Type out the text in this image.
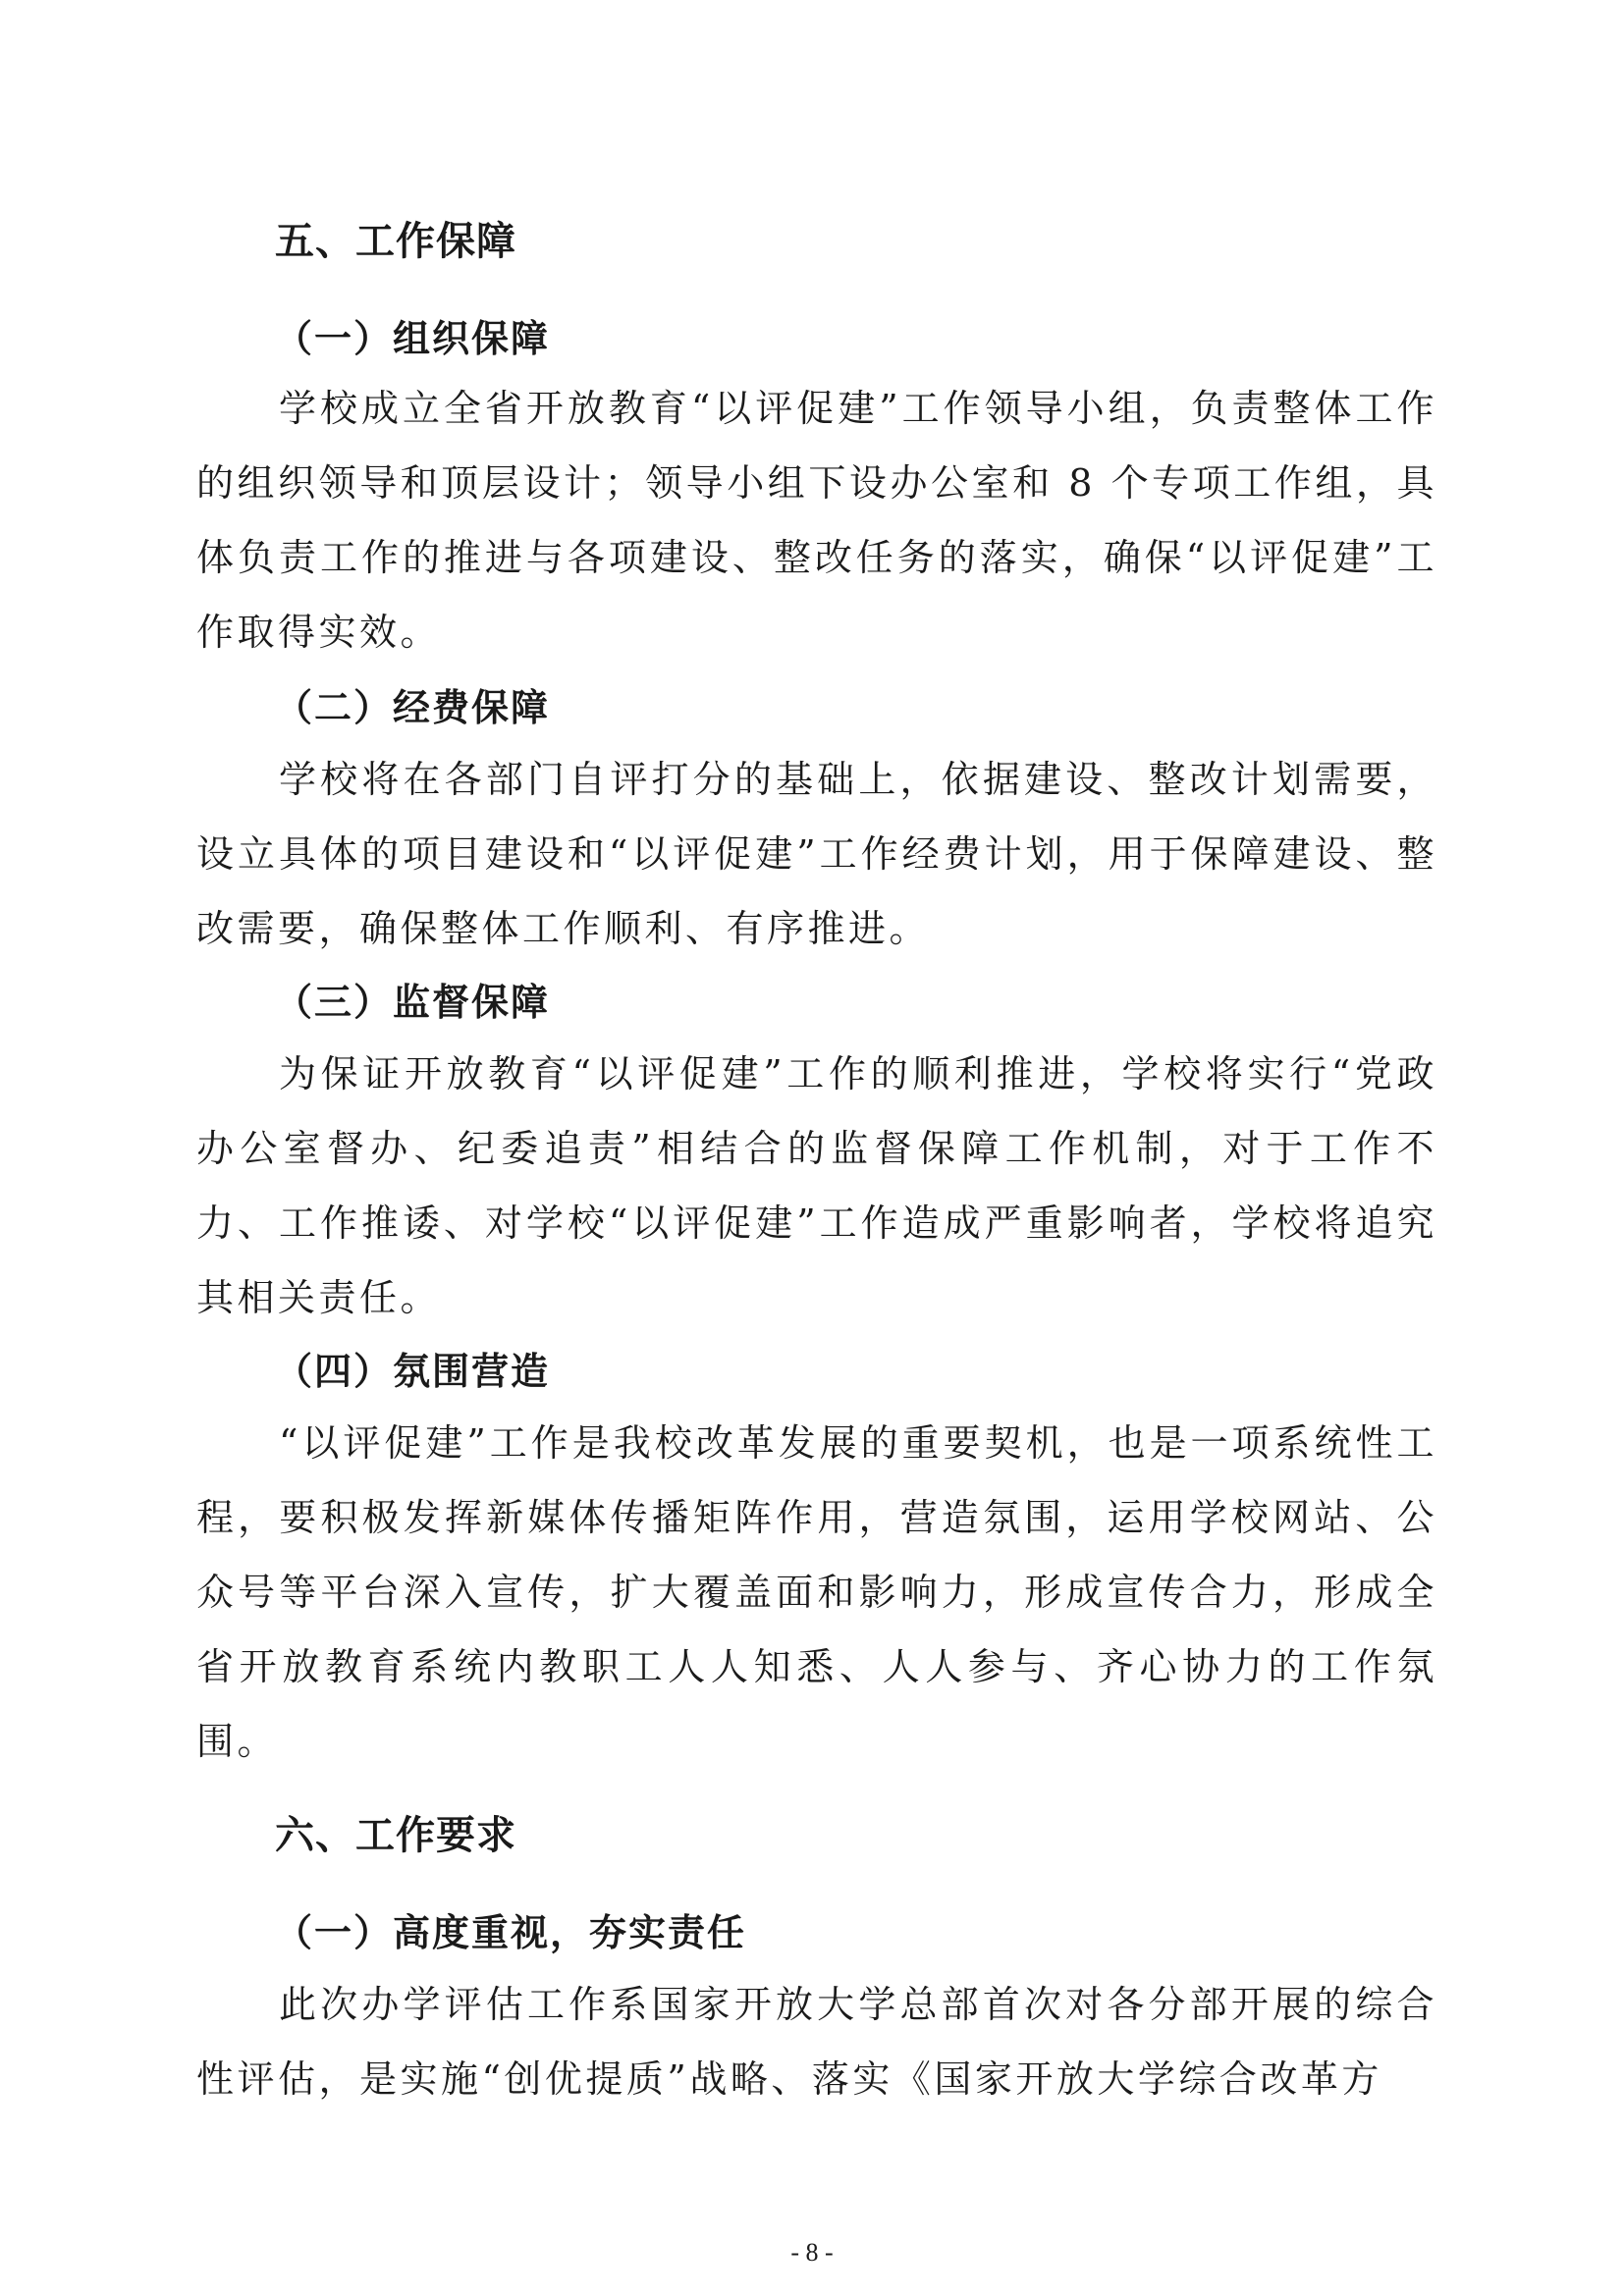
五、工作保障
（一）组织保障

学校成立全省开放教育“以评促建”工作领导小组，负责整体工作的组织领导和顶层设计；领导小组下设办公室和 8 个专项工作组，具体负责工作的推进与各项建设、整改任务的落实，确保“以评促建”工作取得实效。

（二）经费保障

学校将在各部门自评打分的基础上，依据建设、整改计划需要，设立具体的项目建设和“以评促建”工作经费计划，用于保障建设、整改需要，确保整体工作顺利、有序推进。

（三）监督保障

为保证开放教育“以评促建”工作的顺利推进，学校将实行“党政办公室督办、纪委追责”相结合的监督保障工作机制，对于工作不力、工作推诿、对学校“以评促建”工作造成严重影响者，学校将追究其相关责任。

（四）氛围营造

“以评促建”工作是我校改革发展的重要契机，也是一项系统性工程，要积极发挥新媒体传播矩阵作用，营造氛围，运用学校网站、公众号等平台深入宣传，扩大覆盖面和影响力，形成宣传合力，形成全省开放教育系统内教职工人人知悉、人人参与、齐心协力的工作氛围。

六、工作要求
（一）高度重视，夯实责任

此次办学评估工作系国家开放大学总部首次对各分部开展的综合性评估，是实施“创优提质”战略、落实《国家开放大学综合改革方

- 8 -
